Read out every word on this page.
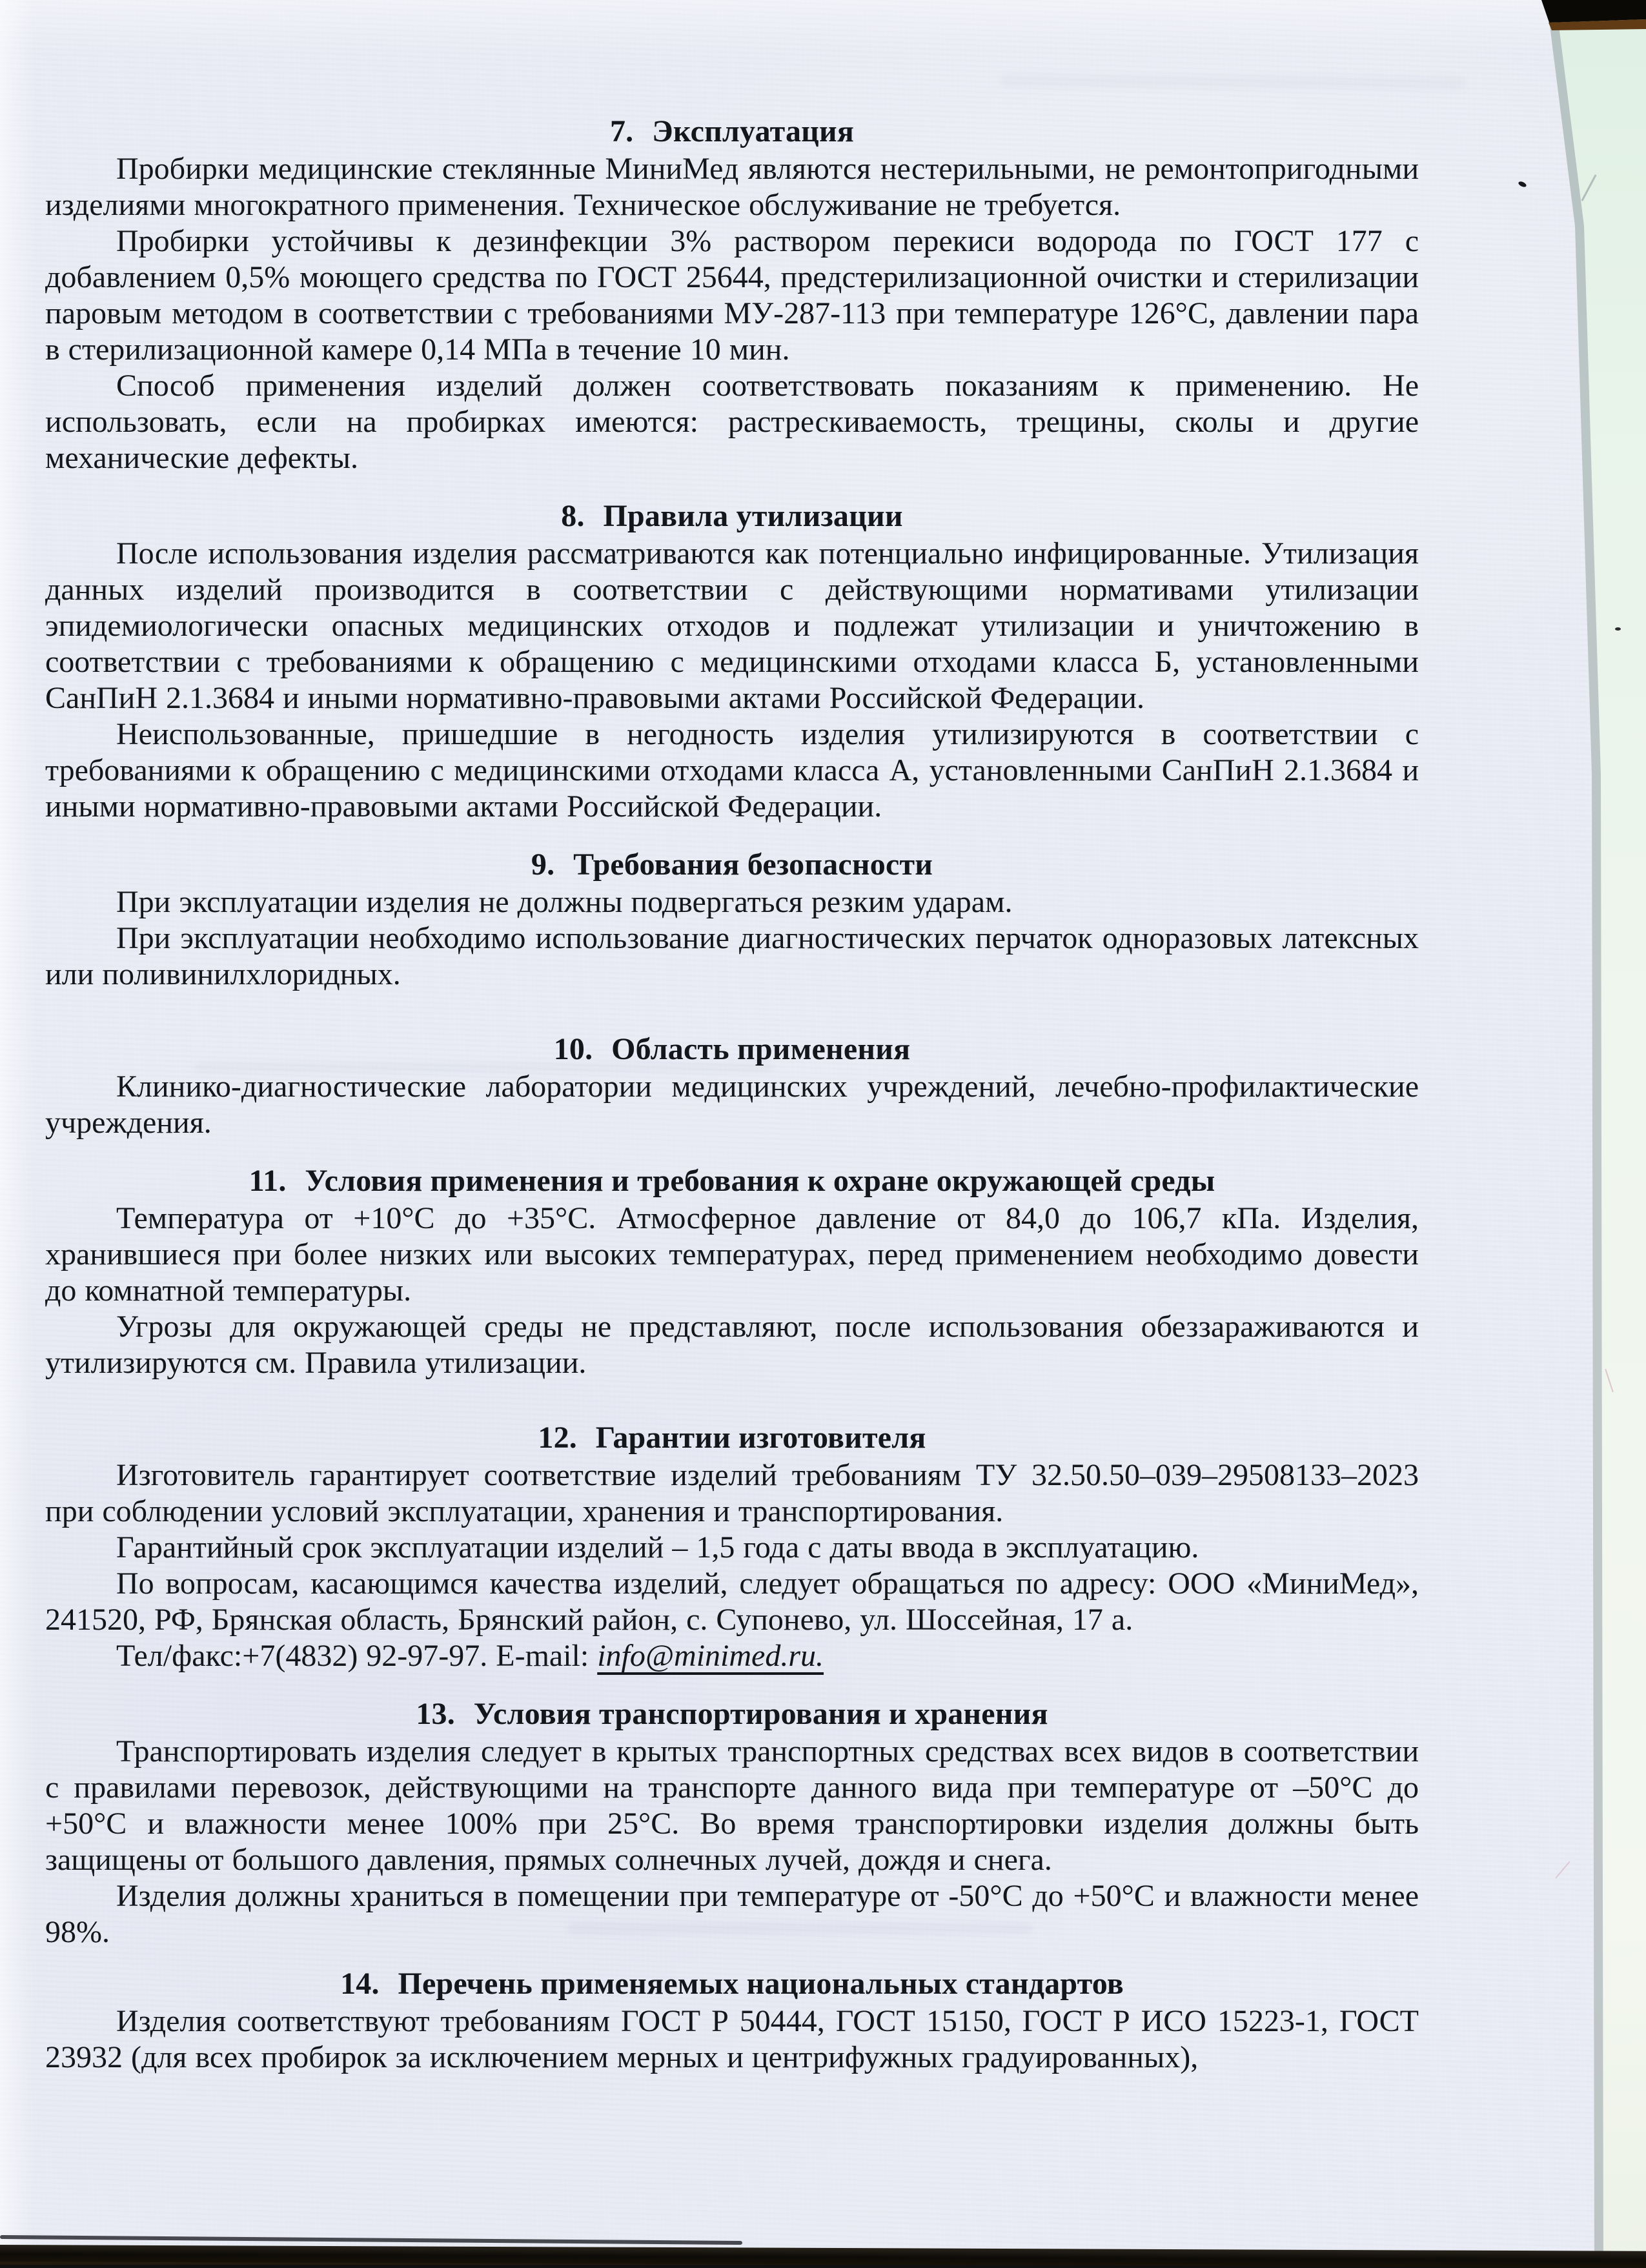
7. Эксплуатация

Пробирки медицинские стеклянные МиниМед являются нестерильными, не ремонтопригодными изделиями многократного применения. Техническое обслуживание не требуется.

Пробирки устойчивы к дезинфекции 3% раствором перекиси водорода по ГОСТ 177 с добавлением 0,5% моющего средства по ГОСТ 25644, предстерилизационной очистки и стерилизации паровым методом в соответствии с требованиями МУ-287-113 при температуре 126°С, давлении пара в стерилизационной камере 0,14 МПа в течение 10 мин.

Способ применения изделий должен соответствовать показаниям к применению. Не использовать, если на пробирках имеются: растрескиваемость, трещины, сколы и другие механические дефекты.

8. Правила утилизации

После использования изделия рассматриваются как потенциально инфицированные. Утилизация данных изделий производится в соответствии с действующими нормативами утилизации эпидемиологически опасных медицинских отходов и подлежат утилизации и уничтожению в соответствии с требованиями к обращению с медицинскими отходами класса Б, установленными СанПиН 2.1.3684 и иными нормативно-правовыми актами Российской Федерации.

Неиспользованные, пришедшие в негодность изделия утилизируются в соответствии с требованиями к обращению с медицинскими отходами класса А, установленными СанПиН 2.1.3684 и иными нормативно-правовыми актами Российской Федерации.

9. Требования безопасности

При эксплуатации изделия не должны подвергаться резким ударам.

При эксплуатации необходимо использование диагностических перчаток одноразовых латексных или поливинилхлоридных.

10. Область применения

Клинико-диагностические лаборатории медицинских учреждений, лечебно-профилактические учреждения.

11. Условия применения и требования к охране окружающей среды

Температура от +10°С до +35°С. Атмосферное давление от 84,0 до 106,7 кПа. Изделия, хранившиеся при более низких или высоких температурах, перед применением необходимо довести до комнатной температуры.

Угрозы для окружающей среды не представляют, после использования обеззараживаются и утилизируются см. Правила утилизации.

12. Гарантии изготовителя

Изготовитель гарантирует соответствие изделий требованиям ТУ 32.50.50–039–29508133–2023 при соблюдении условий эксплуатации, хранения и транспортирования.

Гарантийный срок эксплуатации изделий – 1,5 года с даты ввода в эксплуатацию.

По вопросам, касающимся качества изделий, следует обращаться по адресу: ООО «МиниМед», 241520, РФ, Брянская область, Брянский район, с. Супонево, ул. Шоссейная, 17 а.

Тел/факс:+7(4832) 92-97-97. E-mail: info@minimed.ru.

13. Условия транспортирования и хранения

Транспортировать изделия следует в крытых транспортных средствах всех видов в соответствии с правилами перевозок, действующими на транспорте данного вида при температуре от –50°С до +50°С и влажности менее 100% при 25°С. Во время транспортировки изделия должны быть защищены от большого давления, прямых солнечных лучей, дождя и снега.

Изделия должны храниться в помещении при температуре от -50°С до +50°С и влажности менее 98%.

14. Перечень применяемых национальных стандартов

Изделия соответствуют требованиям ГОСТ Р 50444, ГОСТ 15150, ГОСТ Р ИСО 15223-1, ГОСТ 23932 (для всех пробирок за исключением мерных и центрифужных градуированных),
